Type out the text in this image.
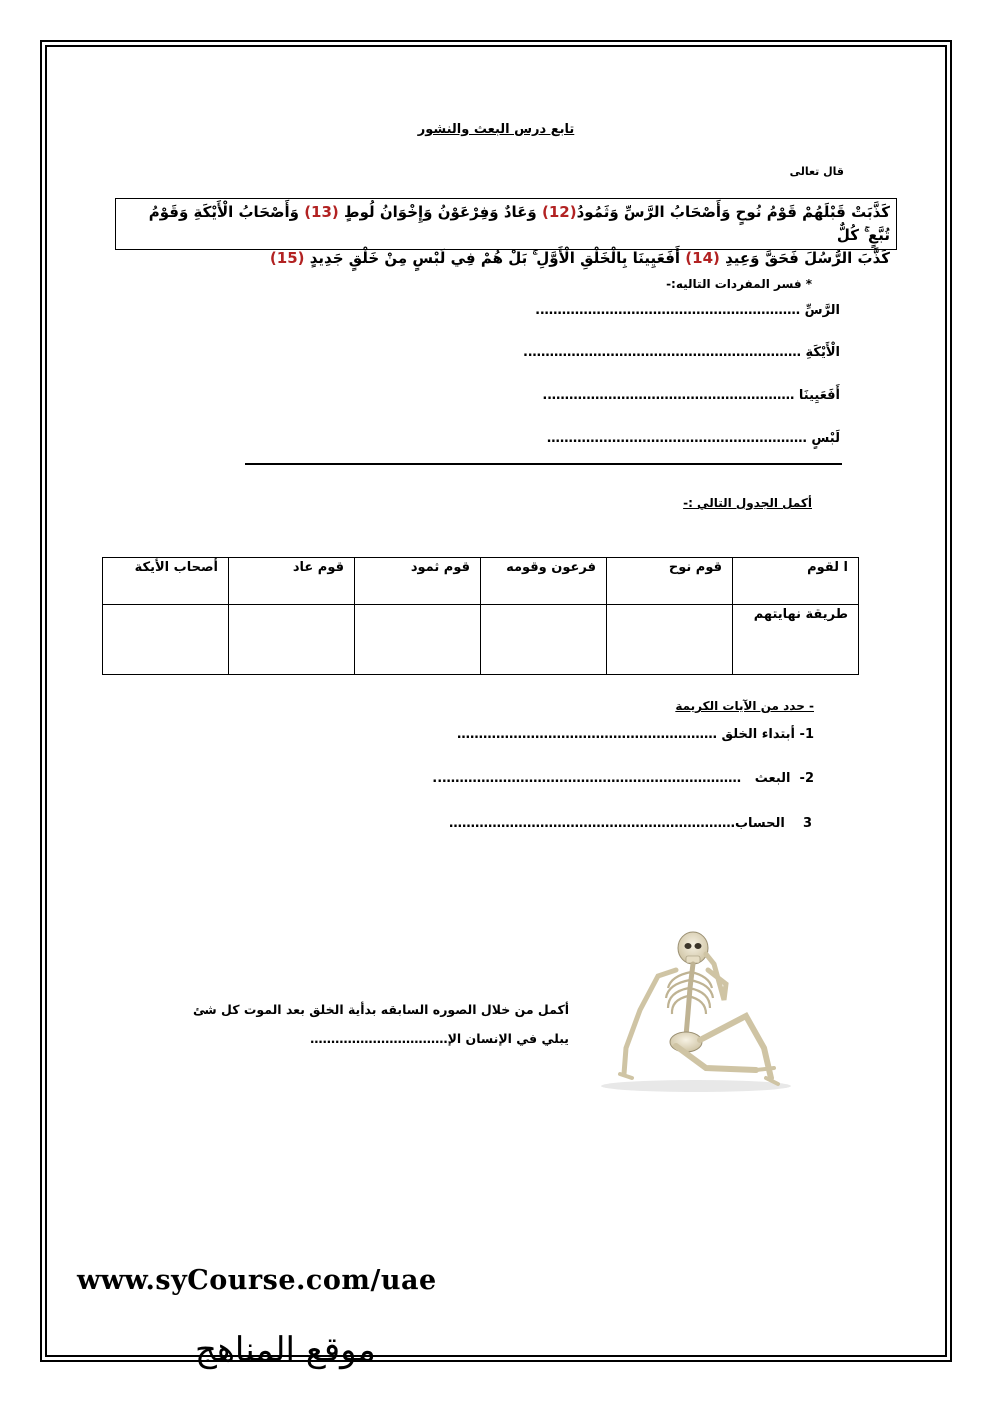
تابع درس البعث والنشور
قال تعالى
كَذَّبَتْ قَبْلَهُمْ قَوْمُ نُوحٍ وَأَصْحَابُ الرَّسِّ وَثَمُودُ(12) وَعَادٌ وَفِرْعَوْنُ وَإِخْوَانُ لُوطٍ (13) وَأَصْحَابُ الْأَيْكَةِ وَقَوْمُ تُبَّعٍ ۚ كُلٌّ
كَذَّبَ الرُّسُلَ فَحَقَّ وَعِيدِ (14) أَفَعَيِينَا بِالْخَلْقِ الْأَوَّلِ ۚ بَلْ هُمْ فِي لَبْسٍ مِنْ خَلْقٍ جَدِيدٍ (15)
* فسر المفردات التاليه:-
الرَّسِّ …………………………………………………….
الْأَيْكَةِ ……………………………………………………….
أَفَعَيِينَا ………………………………………………….
لَبْسٍ ……………………………………………………
أكمل الجدول التالي :-
ا لقوم	قوم نوح	فرعون وقومه	قوم ثمود	قوم عاد	أصحاب الأيكة
طريقة نهايتهم					
- حدد من الآيات الكريمة
1- أبتداء الخلق ……………………………………………………
2-  البعث   ……………………………………………………………..
3    الحساب…………………………………………………………
أكمل من خلال الصوره السابقه بدأية الخلق بعد الموت كل شئ
يبلي في الإنسان الإ……………………………
www.syCourse.com/uae
موقع المناهج
